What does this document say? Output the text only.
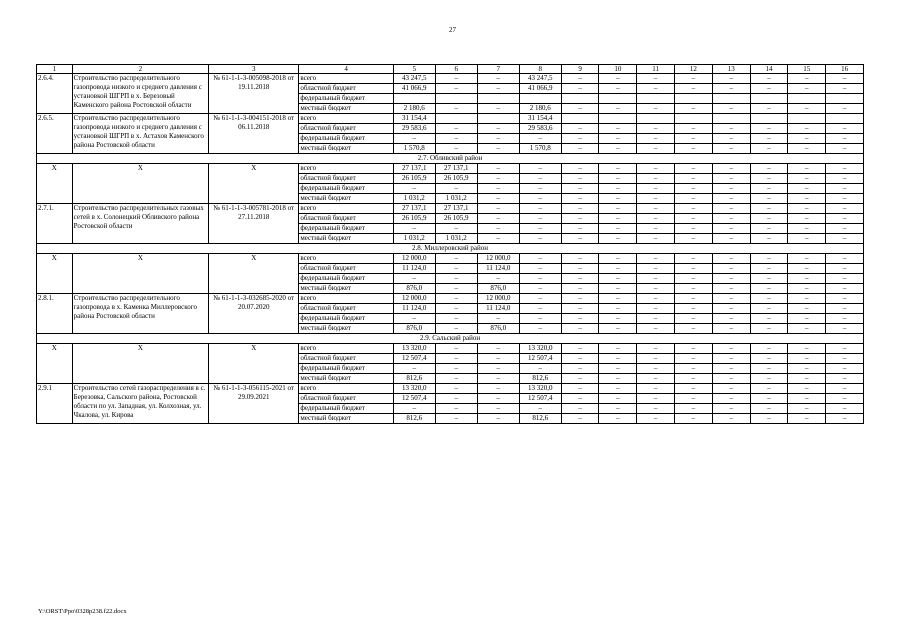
27
1	2	3	4	5	6	7	8	9	10	11	12	13	14	15	16
2.6.4.	Строительство распределительного газопровода низкого и среднего давления с установкой ШГРП в х. Березовый Каменского района Ростовской области	№ 61-1-1-3-005098-2018 от 19.11.2018	всего	43 247,5	–	–	43 247,5	–	–	–	–	–	–	–	–
			областной бюджет	41 066,9	–	–	41 066,9	–	–	–	–	–	–	–	–
			федеральный бюджет												
			местный бюджет	2 180,6	–	–	2 180,6	–	–	–	–	–	–	–	–
2.6.5.	Строительство распределительного газопровода низкого и среднего давления с установкой ШГРП в х. Астахов Каменского района Ростовской области	№ 61-1-1-3-004151-2018 от 06.11.2018	всего	31 154,4			31 154,4								
			областной бюджет	29 583,6	–	–	29 583,6	–	–	–	–	–	–	–	–
			федеральный бюджет	–	–	–	–	–	–	–	–	–	–	–	–
			местный бюджет	1 570,8	–	–	1 570,8	–	–	–	–	–	–	–	–
2.7. Обливский район															
Х	Х	Х	всего	27 137,1	27 137,1	–	–	–	–	–	–	–	–	–	–
			областной бюджет	26 105,9	26 105,9	–	–	–	–	–	–	–	–	–	–
			федеральный бюджет	–	–	–	–	–	–	–	–	–	–	–	–
			местный бюджет	1 031,2	1 031,2	–	–	–	–	–	–	–	–	–	–
2.7.1.	Строительство распределительных газовых сетей в х. Солонецкий Обливского района Ростовской области	№ 61-1-1-3-005781-2018 от 27.11.2018	всего	27 137,1	27 137,1	–	–	–	–	–	–	–	–	–	–
			областной бюджет	26 105,9	26 105,9	–	–	–	–	–	–	–	–	–	–
			федеральный бюджет	–	–	–	–	–	–	–	–	–	–	–	–
			местный бюджет	1 031,2	1 031,2	–	–	–	–	–	–	–	–	–	–
2.8. Миллеровский район															
Х	Х	Х	всего	12 000,0	–	12 000,0	–	–	–	–	–	–	–	–	–
			областной бюджет	11 124,0	–	11 124,0	–	–	–	–	–	–	–	–	–
			федеральный бюджет	–	–	–	–	–	–	–	–	–	–	–	–
			местный бюджет	876,0	–	876,0	–	–	–	–	–	–	–	–	–
2.8.1.	Строительство распределительного газопровода в х. Каменка Миллеровского района Ростовской области	№ 61-1-1-3-032685-2020 от 20.07.2020	всего	12 000,0	–	12 000,0	–	–	–	–	–	–	–	–	–
			областной бюджет	11 124,0	–	11 124,0	–	–	–	–	–	–	–	–	–
			федеральный бюджет	–	–	–	–	–	–	–	–	–	–	–	–
			местный бюджет	876,0	–	876,0	–	–	–	–	–	–	–	–	–
2.9. Сальский район															
Х	Х	Х	всего	13 320,0	–	–	13 320,0	–	–	–	–	–	–	–	–
			областной бюджет	12 507,4	–	–	12 507,4	–	–	–	–	–	–	–	–
			федеральный бюджет	–	–	–	–	–	–	–	–	–	–	–	–
			местный бюджет	812,6	–	–	812,6	–	–	–	–	–	–	–	–
2.9.1	Строительство сетей газораспределения в с. Березовка, Сальского района, Ростовской области по ул. Западная, ул. Колхозная, ул. Чкалова, ул. Кирова	№ 61-1-1-3-056115-2021 от 29.09.2021	всего	13 320,0	–	–	13 320,0	–	–	–	–	–	–	–	–
			областной бюджет	12 507,4	–	–	12 507,4	–	–	–	–	–	–	–	–
			федеральный бюджет	–	–	–	–	–	–	–	–	–	–	–	–
			местный бюджет	812,6	–	–	812,6	–	–	–	–	–	–	–	–
Y:\ORST\Ppo\0328p238.f22.docx
